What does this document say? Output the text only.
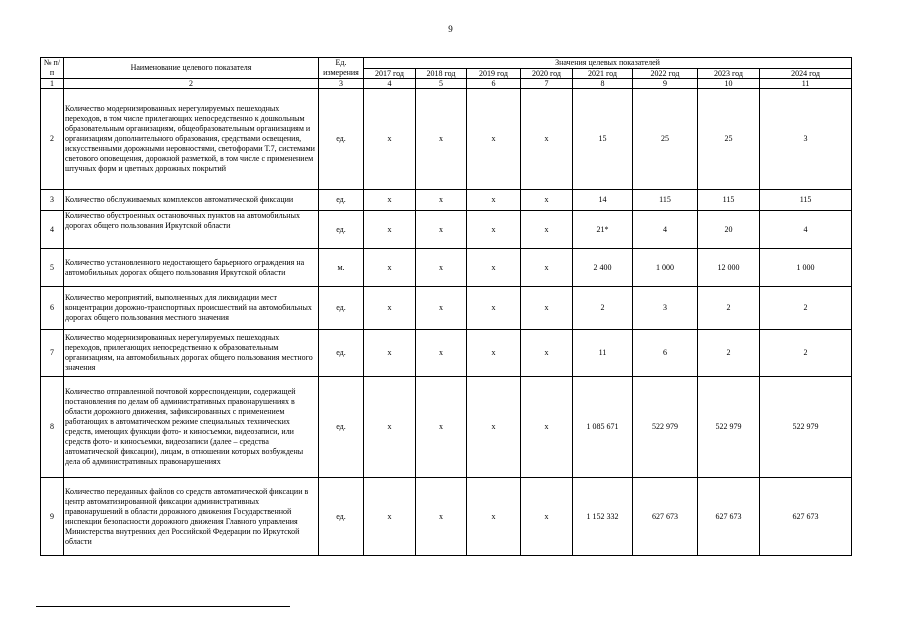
9
№ п/п	Наименование целевого показателя	Ед. измерения	Значения целевых показателей							
			2017 год	2018 год	2019 год	2020 год	2021 год	2022 год	2023 год	2024 год
1	2	3	4	5	6	7	8	9	10	11
2	Количество модернизированных нерегулируемых пешеходных переходов, в том числе прилегающих непосредственно к дошкольным образовательным организациям, общеобразовательным организациям и организациям дополнительного образования, средствами освещения, искусственными дорожными неровностями, светофорами Т.7, системами светового оповещения, дорожной разметкой, в том числе с применением штучных форм и цветных дорожных покрытий	ед.	х	х	х	х	15	25	25	3
3	Количество обслуживаемых комплексов автоматической фиксации	ед.	х	х	х	х	14	115	115	115
4	Количество обустроенных остановочных пунктов на автомобильных дорогах общего пользования Иркутской области	ед.	х	х	х	х	21*	4	20	4
5	Количество установленного недостающего барьерного ограждения на автомобильных дорогах общего пользования Иркутской области	м.	х	х	х	х	2 400	1 000	12 000	1 000
6	Количество мероприятий, выполненных для ликвидации мест концентрации дорожно-транспортных происшествий на автомобильных дорогах общего пользования местного значения	ед.	х	х	х	х	2	3	2	2
7	Количество модернизированных нерегулируемых пешеходных переходов, прилегающих непосредственно к образовательным организациям, на автомобильных дорогах общего пользования местного значения	ед.	х	х	х	х	11	6	2	2
8	Количество отправленной почтовой корреспонденции, содержащей постановления по делам об административных правонарушениях в области дорожного движения, зафиксированных с применением работающих в автоматическом режиме специальных технических средств, имеющих функции фото- и киносъемки, видеозаписи, или средств фото- и киносъемки, видеозаписи (далее – средства автоматической фиксации), лицам, в отношении которых возбуждены дела об административных правонарушениях	ед.	х	х	х	х	1 085 671	522 979	522 979	522 979
9	Количество переданных файлов со средств автоматической фиксации в центр автоматизированной фиксации административных правонарушений в области дорожного движения Государственной инспекции безопасности дорожного движения Главного управления Министерства внутренних дел Российской Федерации по Иркутской области	ед.	х	х	х	х	1 152 332	627 673	627 673	627 673
